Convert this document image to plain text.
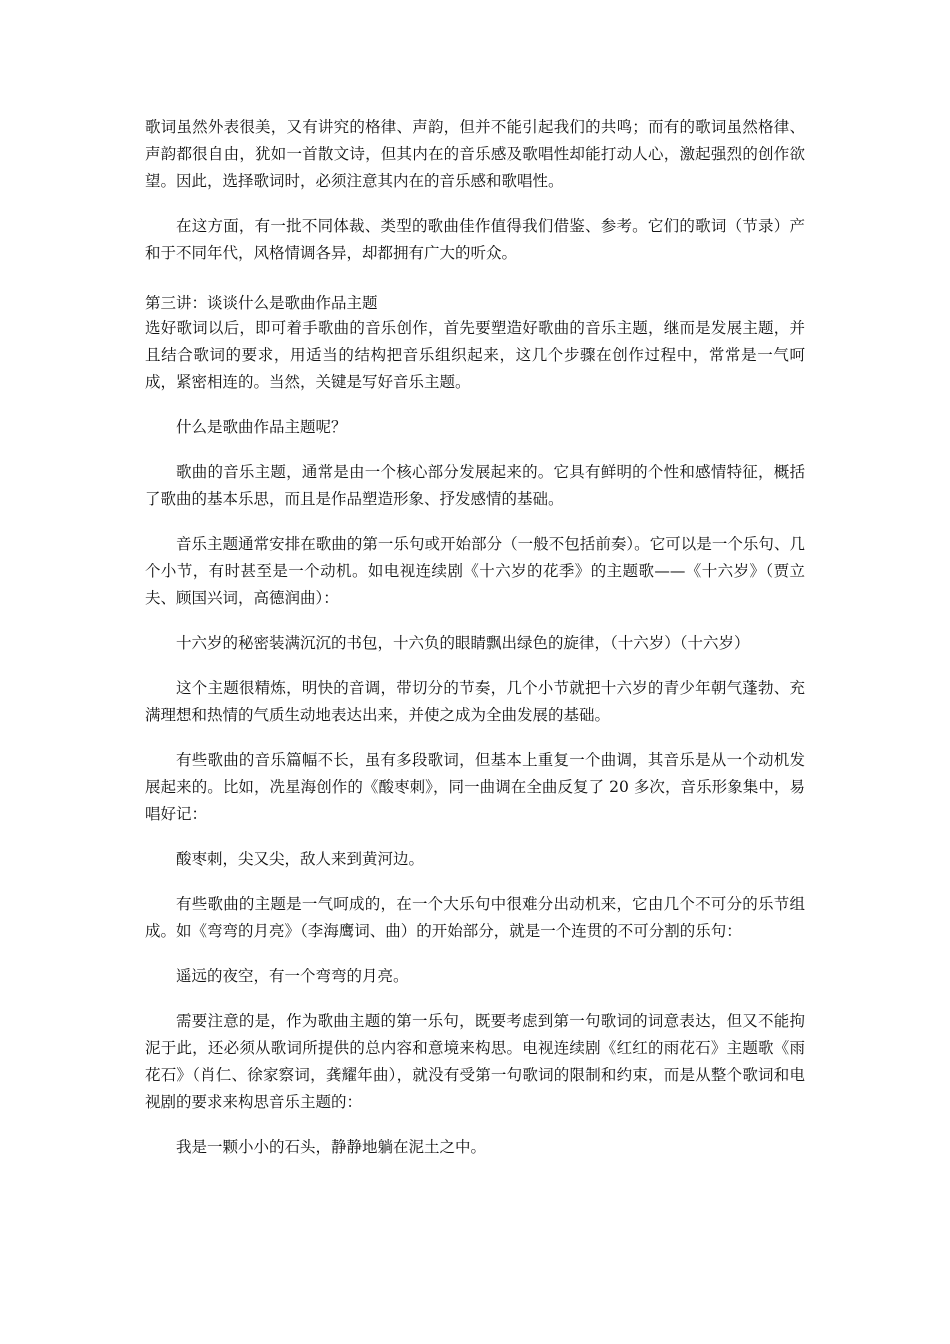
歌词虽然外表很美，又有讲究的格律、声韵，但并不能引起我们的共鸣；而有的歌词虽然格律、声韵都很自由，犹如一首散文诗，但其内在的音乐感及歌唱性却能打动人心，激起强烈的创作欲望。因此，选择歌词时，必须注意其内在的音乐感和歌唱性。

在这方面，有一批不同体裁、类型的歌曲佳作值得我们借鉴、参考。它们的歌词（节录）产和于不同年代，风格情调各异，却都拥有广大的听众。

第三讲：谈谈什么是歌曲作品主题

选好歌词以后，即可着手歌曲的音乐创作，首先要塑造好歌曲的音乐主题，继而是发展主题，并且结合歌词的要求，用适当的结构把音乐组织起来，这几个步骤在创作过程中，常常是一气呵成，紧密相连的。当然，关键是写好音乐主题。

什么是歌曲作品主题呢？

歌曲的音乐主题，通常是由一个核心部分发展起来的。它具有鲜明的个性和感情特征，概括了歌曲的基本乐思，而且是作品塑造形象、抒发感情的基础。

音乐主题通常安排在歌曲的第一乐句或开始部分（一般不包括前奏）。它可以是一个乐句、几个小节，有时甚至是一个动机。如电视连续剧《十六岁的花季》的主题歌——《十六岁》（贾立夫、顾国兴词，高德润曲）：

十六岁的秘密装满沉沉的书包，十六负的眼睛飘出绿色的旋律，（十六岁）（十六岁）

这个主题很精炼，明快的音调，带切分的节奏，几个小节就把十六岁的青少年朝气蓬勃、充满理想和热情的气质生动地表达出来，并使之成为全曲发展的基础。

有些歌曲的音乐篇幅不长，虽有多段歌词，但基本上重复一个曲调，其音乐是从一个动机发展起来的。比如，冼星海创作的《酸枣刺》，同一曲调在全曲反复了 20 多次，音乐形象集中，易唱好记：

酸枣刺，尖又尖，敌人来到黄河边。

有些歌曲的主题是一气呵成的，在一个大乐句中很难分出动机来，它由几个不可分的乐节组成。如《弯弯的月亮》（李海鹰词、曲）的开始部分，就是一个连贯的不可分割的乐句：

遥远的夜空，有一个弯弯的月亮。

需要注意的是，作为歌曲主题的第一乐句，既要考虑到第一句歌词的词意表达，但又不能拘泥于此，还必须从歌词所提供的总内容和意境来构思。电视连续剧《红红的雨花石》主题歌《雨花石》（肖仁、徐家察词，龚耀年曲），就没有受第一句歌词的限制和约束，而是从整个歌词和电视剧的要求来构思音乐主题的：

我是一颗小小的石头，静静地躺在泥土之中。
